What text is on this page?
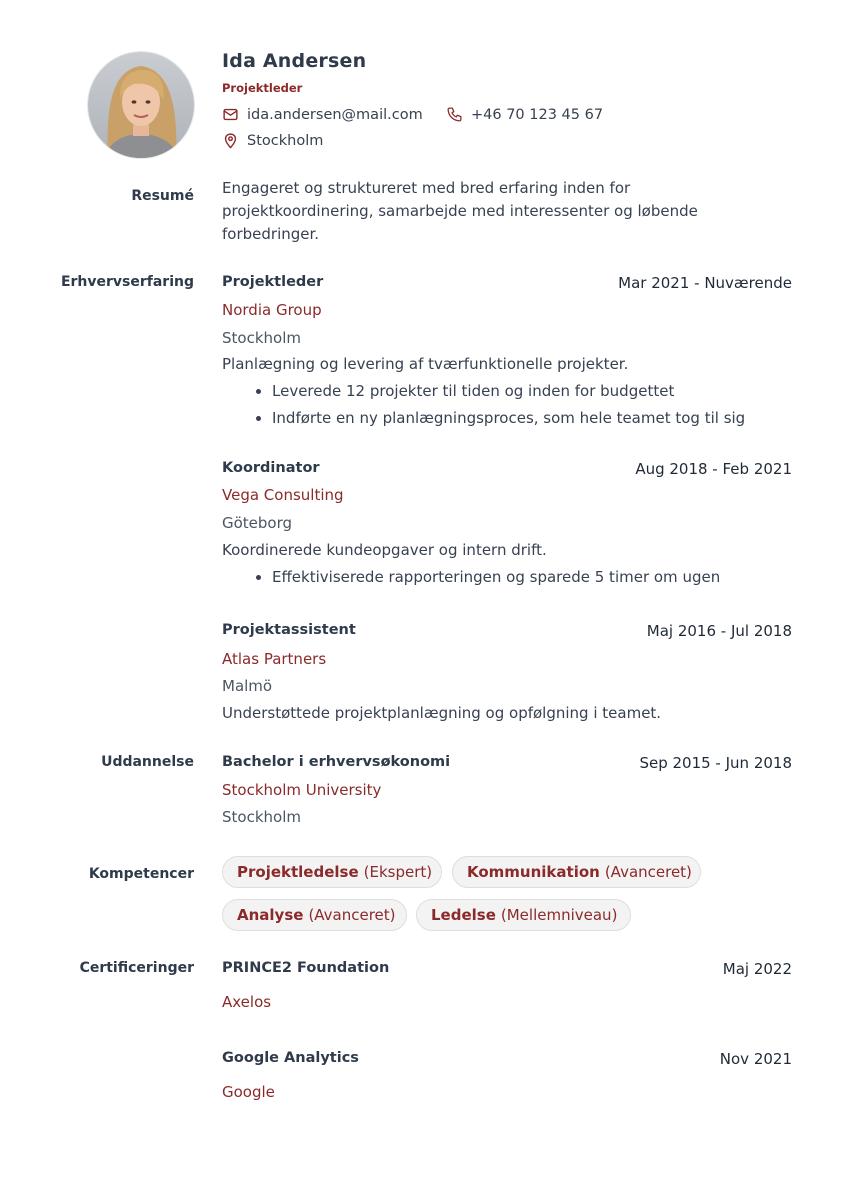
Ida Andersen
Projektleder
ida.andersen@mail.com	+46 70 123 45 67
Stockholm
Resumé Engageret og struktureret med bred erfaring inden for projektkoordinering, samarbejde med interessenter og løbende forbedringer.
Erhvervserfaring Projektleder	Mar 2021 - Nuværende
Nordia Group
Stockholm
Planlægning og levering af tværfunktionelle projekter.
• Leverede 12 projekter til tiden og inden for budgettet
• Indførte en ny planlægningsproces, som hele teamet tog til sig
Koordinator	Aug 2018 - Feb 2021
Vega Consulting
Göteborg
Koordinerede kundeopgaver og intern drift.
• Effektiviserede rapporteringen og sparede 5 timer om ugen
Projektassistent	Maj 2016 - Jul 2018
Atlas Partners
Malmö
Understøttede projektplanlægning og opfølgning i teamet.
Uddannelse Bachelor i erhvervsøkonomi	Sep 2015 - Jun 2018
Stockholm University
Stockholm
Kompetencer	Projektledelse (Ekspert) Kommunikation (Avanceret)
Analyse (Avanceret) Ledelse (Mellemniveau)
Certificeringer PRINCE2 Foundation	Maj 2022
Axelos
Google Analytics	Nov 2021
Google
